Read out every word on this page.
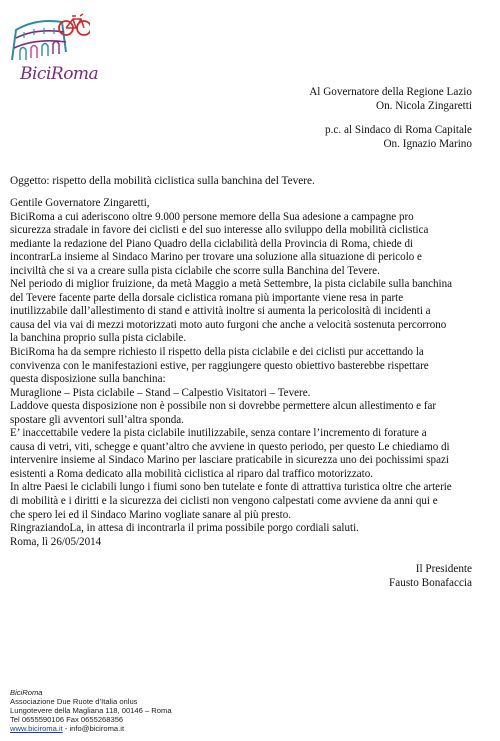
BiciRoma
Al Governatore della Regione Lazio
On. Nicola Zingaretti
p.c. al Sindaco di Roma Capitale
On. Ignazio Marino
Oggetto: rispetto della mobilità ciclistica sulla banchina del Tevere.

Gentile Governatore Zingaretti,

BiciRoma a cui aderiscono oltre 9.000 persone memore della Sua adesione a campagne pro

sicurezza stradale in favore dei ciclisti e del suo interesse allo sviluppo della mobilità ciclistica

mediante la redazione del Piano Quadro della ciclabilità della Provincia di Roma, chiede di

incontrarLa insieme al Sindaco Marino per trovare una soluzione alla situazione di pericolo e

inciviltà che si va a creare sulla pista ciclabile che scorre sulla Banchina del Tevere.

Nel periodo di miglior fruizione, da metà Maggio a metà Settembre, la pista ciclabile sulla banchina

del Tevere facente parte della dorsale ciclistica romana più importante viene resa in parte

inutilizzabile dall’allestimento di stand e attività inoltre si aumenta la pericolosità di incidenti a

causa del via vai di mezzi motorizzati moto auto furgoni che anche a velocità sostenuta percorrono

la banchina proprio sulla pista ciclabile.

BiciRoma ha da sempre richiesto il rispetto della pista ciclabile e dei ciclisti pur accettando la

convivenza con le manifestazioni estive, per raggiungere questo obiettivo basterebbe rispettare

questa disposizione sulla banchina:

Muraglione – Pista ciclabile – Stand – Calpestio Visitatori – Tevere.

Laddove questa disposizione non è possibile non si dovrebbe permettere alcun allestimento e far

spostare gli avventori sull’altra sponda.

E’ inaccettabile vedere la pista ciclabile inutilizzabile, senza contare l’incremento di forature a

causa di vetri, viti, schegge e quant’altro che avviene in questo periodo, per questo Le chiediamo di

intervenire insieme al Sindaco Marino per lasciare praticabile in sicurezza uno dei pochissimi spazi

esistenti a Roma dedicato alla mobilità ciclistica al riparo dal traffico motorizzato.

In altre Paesi le ciclabili lungo i fiumi sono ben tutelate e fonte di attrattiva turistica oltre che arterie

di mobilità e i diritti e la sicurezza dei ciclisti non vengono calpestati come avviene da anni qui e

che spero lei ed il Sindaco Marino vogliate sanare al più presto.

RingraziandoLa, in attesa di incontrarla il prima possibile porgo cordiali saluti.

Roma, lì 26/05/2014

Il Presidente
Fausto Bonafaccia
BiciRoma
Associazione Due Ruote d’Italia onlus
Lungotevere della Magliana 118, 00146 – Roma
Tel 0655590106 Fax 0655268356
www.biciroma.it - info@biciroma.it
